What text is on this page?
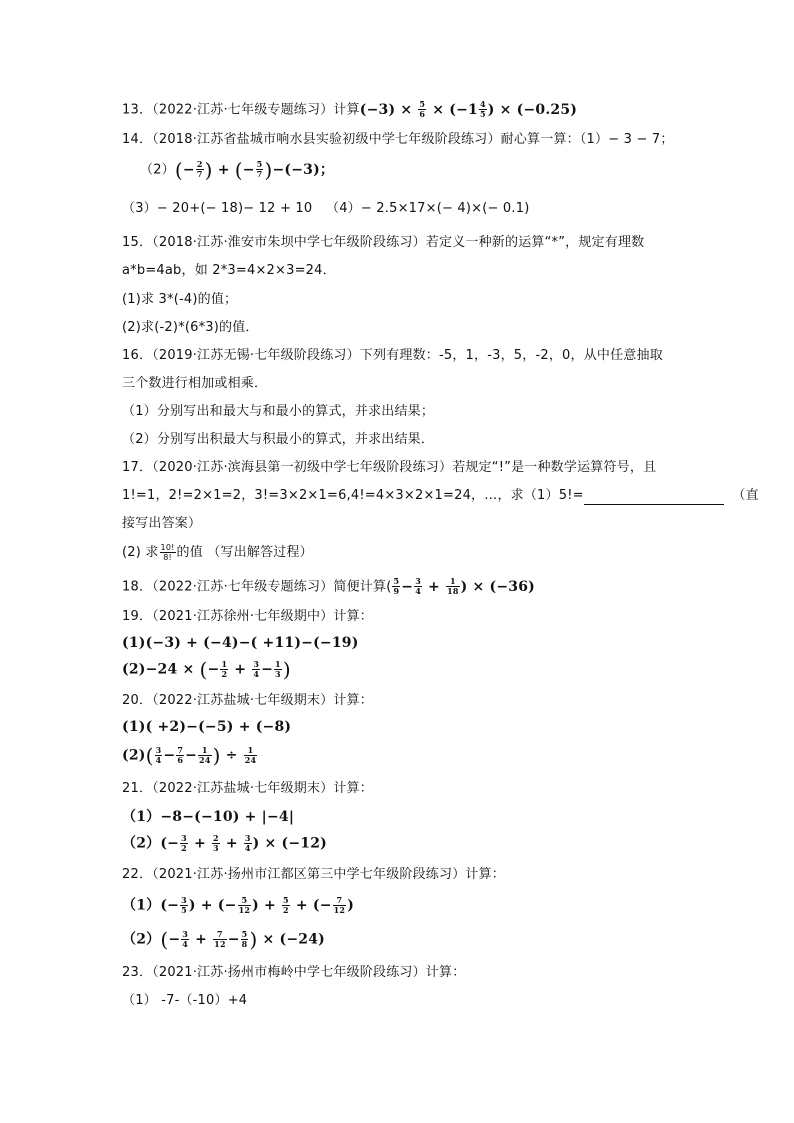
13．（2022·江苏·七年级专题练习）计算$(-3) \times \frac{5}{6} \times (-1 \frac{4}{5}$ ) × (−0.25)
14．（2018·江苏省盐城市响水县实验初级中学七年级阶段练习）耐心算一算：（1）− 3 − 7；
$(2)(- \frac{2}{7}$ ) + (− $\frac{5}{7} )-(-3)$；
（3）− 20+(− 18)− 12 + 10 （4）− 2.5×17×(− 4)×(− 0.1)
15．（2018·江苏·淮安市朱坝中学七年级阶段练习）若定义一种新的运算“*”，规定有理数
a*b=4ab，如 2*3=4×2×3=24．
(1)求 3*(-4)的值；
(2)求(-2)*(6*3)的值．
16．（2019·江苏无锡·七年级阶段练习）下列有理数：-5，1，-3，5，-2，0，从中任意抽取
三个数进行相加或相乘．
（1）分别写出和最大与和最小的算式，并求出结果；
（2）分别写出积最大与积最小的算式，并求出结果．
17．（2020·江苏·滨海县第一初级中学七年级阶段练习）若规定“!”是一种数学运算符号，且
1!=1，2!=2×1=2，3!=3×2×1=6,4!=4×3×2×1=24，…，求（1）5!=	（直
接写出答案）
(2) 求 $\frac{10!}{8!}$ 的值 （写出解答过程）
18．（2022·江苏·七年级专题练习）简便计算( $\frac{5}{9} - \frac{3}{4} + \frac{1}{18}$ ) × (−36)
19．（2021·江苏徐州·七年级期中）计算：
(1)(−3) + (−4)−( +11)−(−19)
(2)−24 × (− $\frac{1}{2} + \frac{3}{4} - \frac{1}{3}$ )
20．（2022·江苏盐城·七年级期末）计算：
(1)( +2)−(−5) + (−8)
$(2)( \frac{3}{4} - \frac{7}{6} - \frac{1}{24}$ ) ÷ $\frac{1}{24}$
21．（2022·江苏盐城·七年级期末）计算：
（1）−8−(−10) + |−4|
$(2)(- \frac{3}{2} + \frac{2}{3} + \frac{3}{4}$ ) × (−12)
22．（2021·江苏·扬州市江都区第三中学七年级阶段练习）计算：
$(1)(- \frac{3}{5}$ ) + (− $\frac{5}{12}$ ) + $\frac{5}{2}$ + (− $\frac{7}{12}$ )
$(2)(- \frac{3}{4} + \frac{7}{12} - \frac{5}{8}$ ) × (−24)
23．（2021·江苏·扬州市梅岭中学七年级阶段练习）计算：
（1） -7-（-10）+4
